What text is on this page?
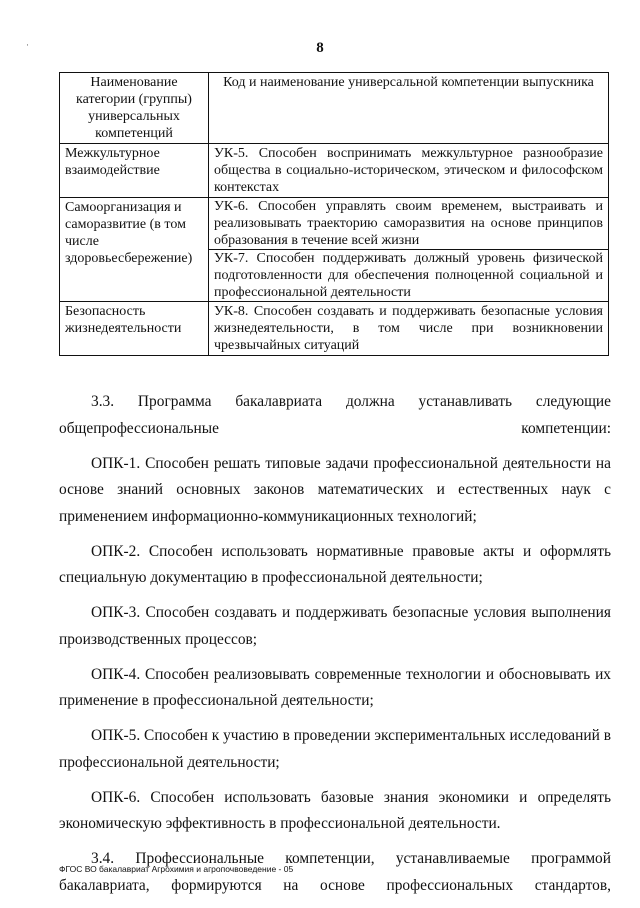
·	8
Наименование категории (группы) универсальных компетенций	Код и наименование универсальной компетенции выпускника
Межкультурное взаимодействие	УК-5. Способен воспринимать межкультурное разнообразие общества в социально-историческом, этическом и философском контекстах
Самоорганизация и саморазвитие (в том числе здоровьесбережение)	УК-6. Способен управлять своим временем, выстраивать и реализовывать траекторию саморазвития на основе принципов образования в течение всей жизни
УК-7. Способен поддерживать должный уровень физической подготовленности для обеспечения полноценной социальной и профессиональной деятельности

Безопасность жизнедеятельности	УК-8. Способен создавать и поддерживать безопасные условия жизнедеятельности, в том числе при возникновении чрезвычайных ситуаций

3.3. Программа бакалавриата должна устанавливать следующие общепрофессиональные компетенции:

ОПК-1. Способен решать типовые задачи профессиональной деятельности на основе знаний основных законов математических и естественных наук с применением информационно-коммуникационных технологий;

ОПК-2. Способен использовать нормативные правовые акты и оформлять специальную документацию в профессиональной деятельности;

ОПК-3. Способен создавать и поддерживать безопасные условия выполнения производственных процессов;

ОПК-4. Способен реализовывать современные технологии и обосновывать их применение в профессиональной деятельности;

ОПК-5. Способен к участию в проведении экспериментальных исследований в профессиональной деятельности;

ОПК-6. Способен использовать базовые знания экономики и определять экономическую эффективность в профессиональной деятельности.

3.4. Профессиональные компетенции, устанавливаемые программой бакалавриата, формируются на основе профессиональных стандартов,

ФГОС ВО бакалавриат Агрохимия и агропочвоведение - 05
